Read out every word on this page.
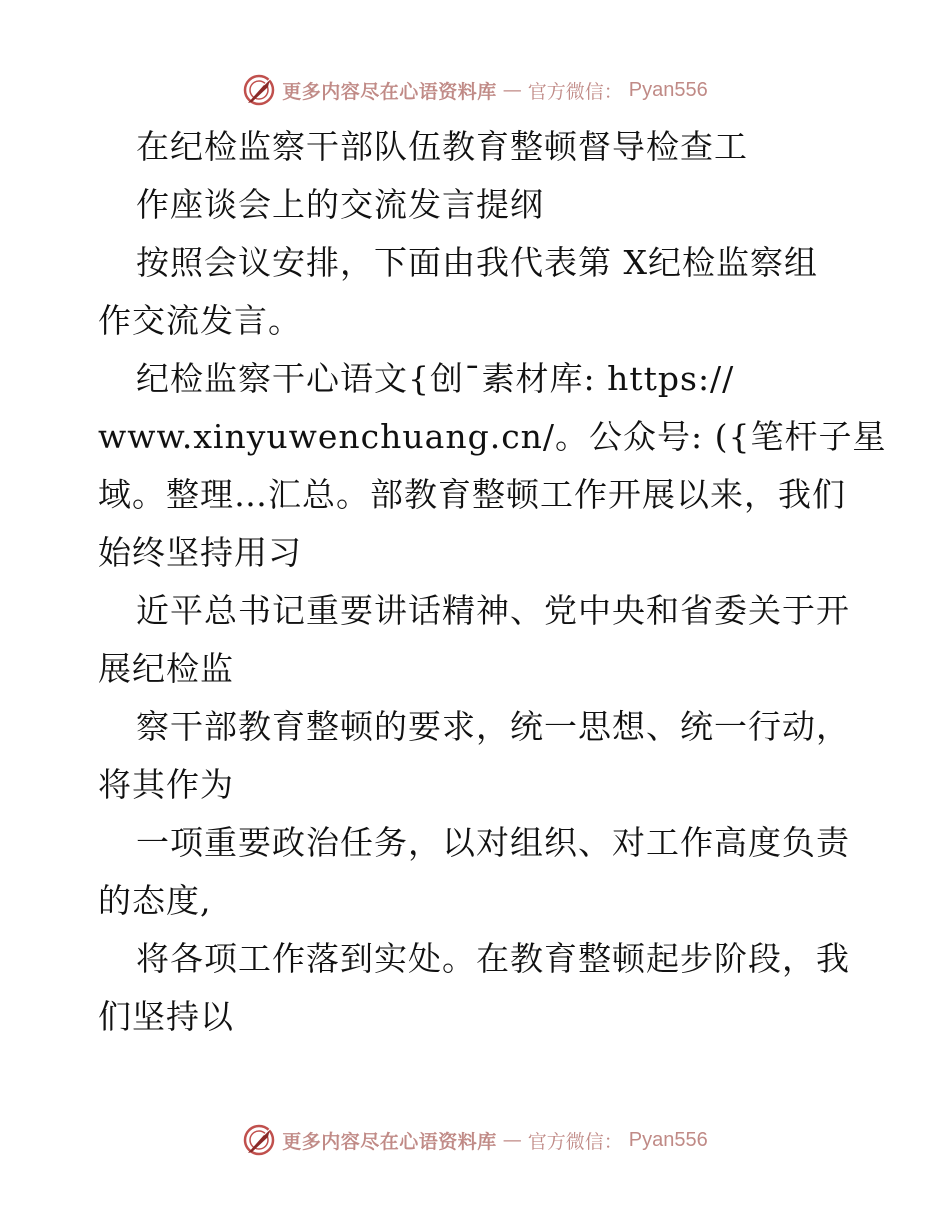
更多内容尽在心语资料库 — 官方微信： Pyan556
在纪检监察干部队伍教育整顿督导检查工
作座谈会上的交流发言提纲
按照会议安排，下面由我代表第 X纪检监察组
作交流发言。
纪检监察干心语文{创¯素材库: https://
www.xinyuwenchuang.cn/。公众号: ({笔杆子星
域。整理…汇总。部教育整顿工作开展以来，我们
始终坚持用习
近平总书记重要讲话精神、党中央和省委关于开
展纪检监
察干部教育整顿的要求，统一思想、统一行动，
将其作为
一项重要政治任务，以对组织、对工作高度负责
的态度,
将各项工作落到实处。在教育整顿起步阶段，我
们坚持以
更多内容尽在心语资料库 — 官方微信： Pyan556
